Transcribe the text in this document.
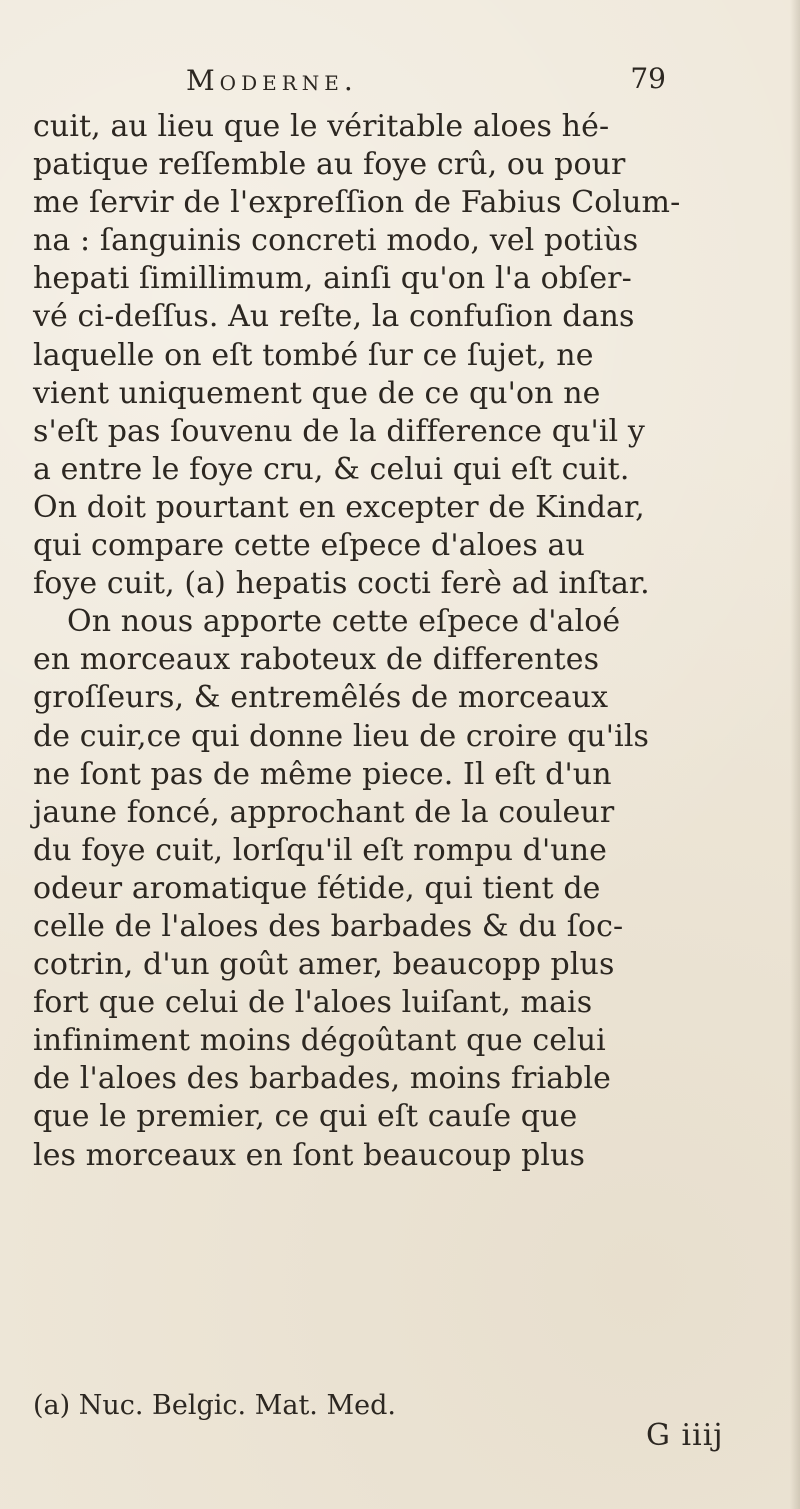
Moderne.	79
cuit, au lieu que le véritable aloes hé-
patique reſſemble au foye crû, ou pour
me ſervir de l'expreſſion de Fabius Colum-
na : ſanguinis concreti modo, vel potiùs
hepati ſimillimum, ainſi qu'on l'a obſer-
vé ci-deſſus. Au reſte, la confuſion dans
laquelle on eſt tombé ſur ce ſujet, ne
vient uniquement que de ce qu'on ne
s'eſt pas ſouvenu de la difference qu'il y
a entre le foye cru, & celui qui eſt cuit.
On doit pourtant en excepter de Kindar,
qui compare cette eſpece d'aloes au
foye cuit, (a) hepatis cocti ferè ad inſtar.
On nous apporte cette eſpece d'aloé
en morceaux raboteux de differentes
groſſeurs, & entremêlés de morceaux
de cuir,ce qui donne lieu de croire qu'ils
ne ſont pas de même piece. Il eſt d'un
jaune foncé, approchant de la couleur
du foye cuit, lorſqu'il eſt rompu d'une
odeur aromatique fétide, qui tient de
celle de l'aloes des barbades & du ſoc-
cotrin, d'un goût amer, beaucopp plus
fort que celui de l'aloes luiſant, mais
infiniment moins dégoûtant que celui
de l'aloes des barbades, moins friable
que le premier, ce qui eſt cauſe que
les morceaux en ſont beaucoup plus
(a) Nuc. Belgic. Mat. Med.
G iiij
